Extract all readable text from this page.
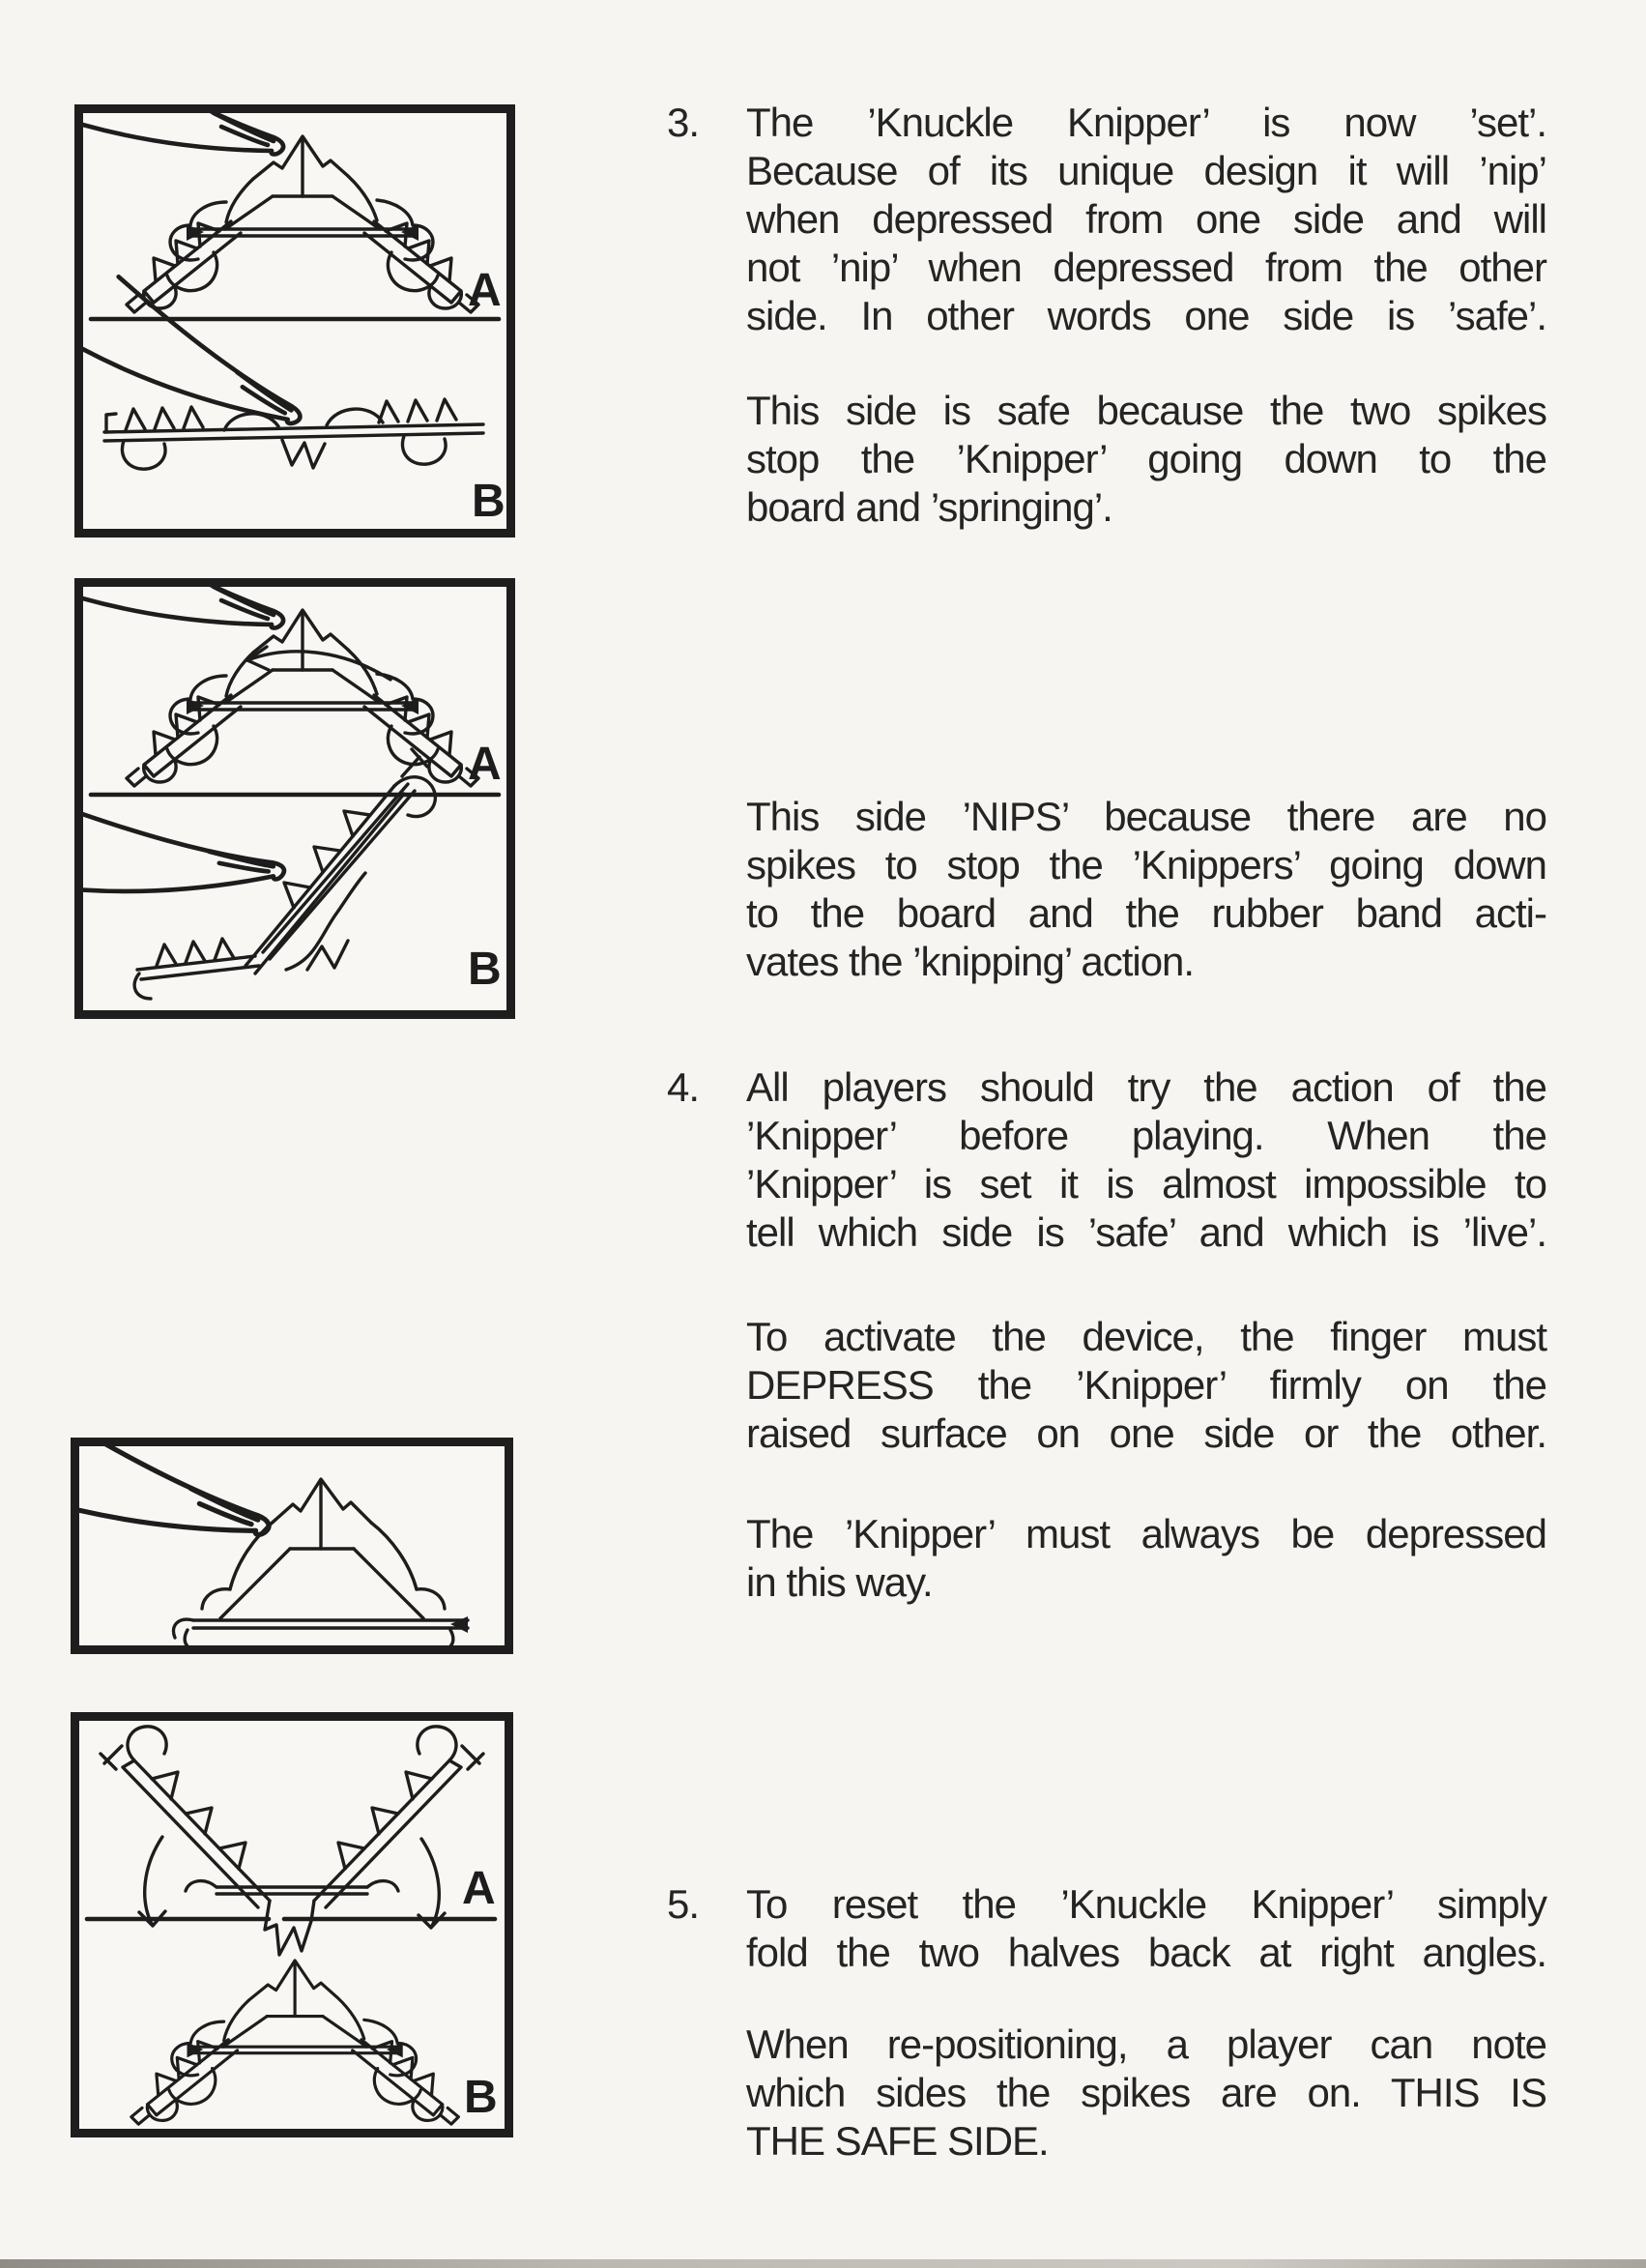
A
B
A
B
A
B
3. The ’Knuckle Knipper’ is now ’set’.
Because of its unique design it will ’nip’
when depressed from one side and will
not ’nip’ when depressed from the other
side. In other words one side is ’safe’.
This side is safe because the two spikes
stop the ’Knipper’ going down to the
board and ’springing’.
This side ’NIPS’ because there are no
spikes to stop the ’Knippers’ going down
to the board and the rubber band acti-
vates the ’knipping’ action.
4. All players should try the action of the
’Knipper’ before playing. When the
’Knipper’ is set it is almost impossible to
tell which side is ’safe’ and which is ’live’.
To activate the device, the finger must
DEPRESS the ’Knipper’ firmly on the
raised surface on one side or the other.
The ’Knipper’ must always be depressed
in this way.
5. To reset the ’Knuckle Knipper’ simply
fold the two halves back at right angles.
When re-positioning, a player can note
which sides the spikes are on. THIS IS
THE SAFE SIDE.
